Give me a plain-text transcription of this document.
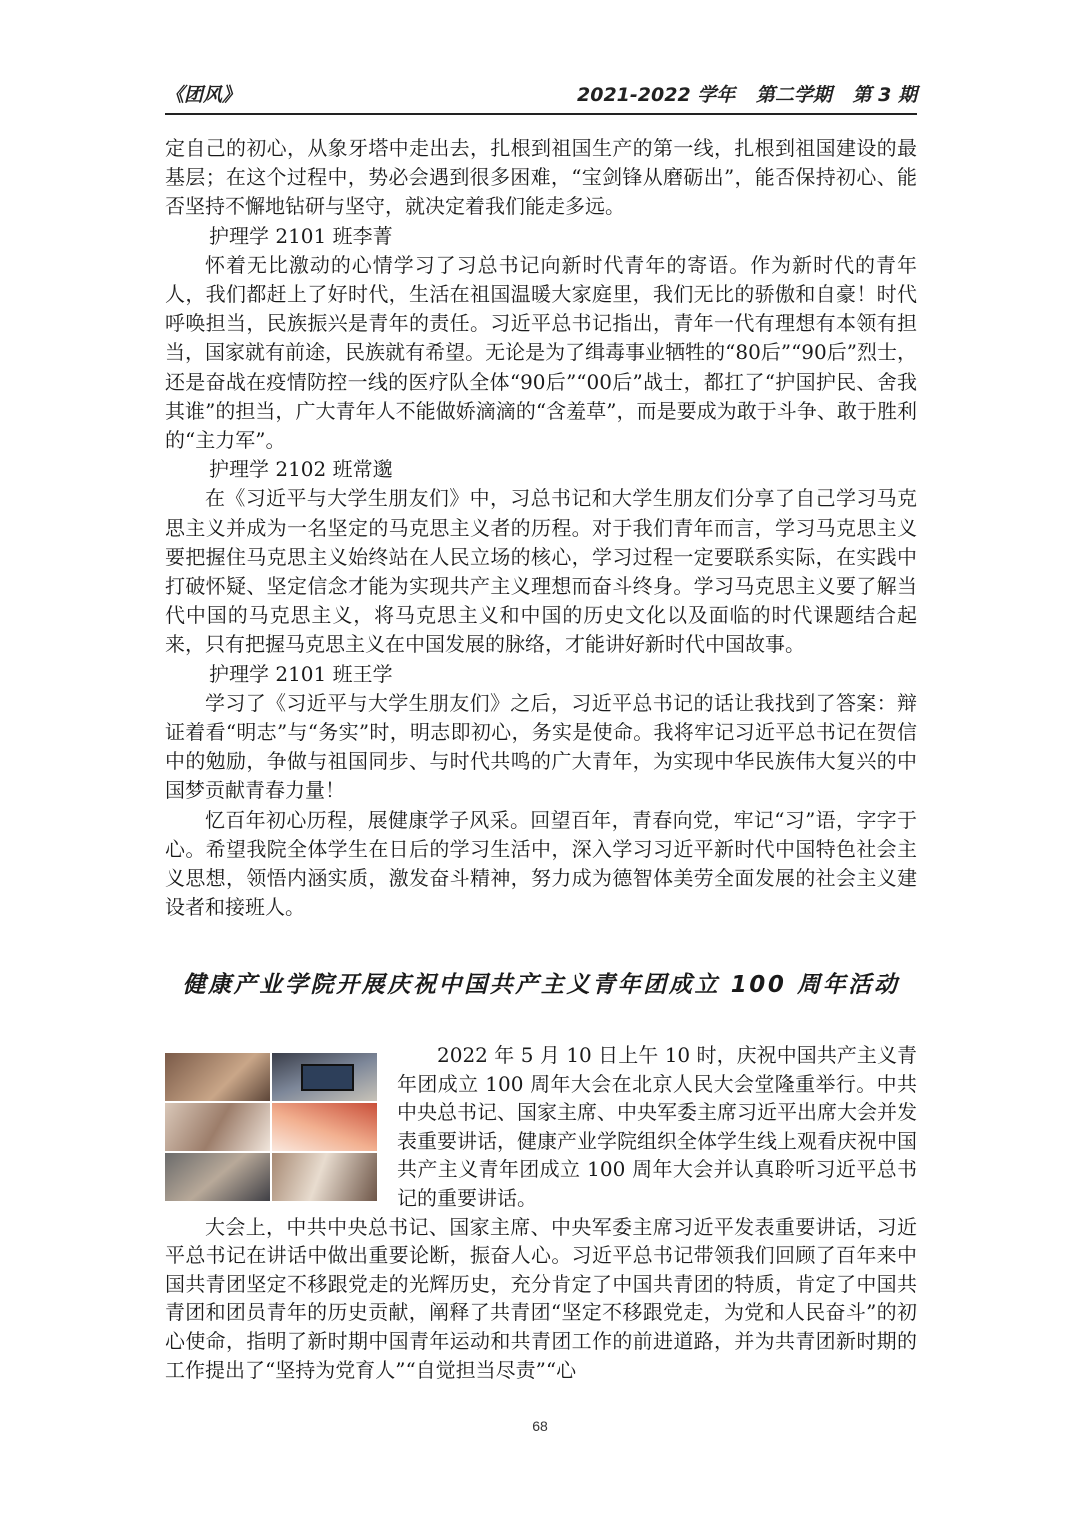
《团风》	2021-2022 学年 第二学期 第 3 期

定自己的初心，从象牙塔中走出去，扎根到祖国生产的第一线，扎根到祖国建设的最基层；在这个过程中，势必会遇到很多困难，“宝剑锋从磨砺出”，能否保持初心、能否坚持不懈地钻研与坚守，就决定着我们能走多远。

护理学 2101 班李菁

怀着无比激动的心情学习了习总书记向新时代青年的寄语。作为新时代的青年人，我们都赶上了好时代，生活在祖国温暖大家庭里，我们无比的骄傲和自豪！时代呼唤担当，民族振兴是青年的责任。习近平总书记指出，青年一代有理想有本领有担当，国家就有前途，民族就有希望。无论是为了缉毒事业牺牲的“80后”“90后”烈士，还是奋战在疫情防控一线的医疗队全体“90后”“00后”战士，都扛了“护国护民、舍我其谁”的担当，广大青年人不能做娇滴滴的“含羞草”，而是要成为敢于斗争、敢于胜利的“主力军”。

护理学 2102 班常邈

在《习近平与大学生朋友们》中，习总书记和大学生朋友们分享了自己学习马克思主义并成为一名坚定的马克思主义者的历程。对于我们青年而言，学习马克思主义要把握住马克思主义始终站在人民立场的核心，学习过程一定要联系实际，在实践中打破怀疑、坚定信念才能为实现共产主义理想而奋斗终身。学习马克思主义要了解当代中国的马克思主义，将马克思主义和中国的历史文化以及面临的时代课题结合起来，只有把握马克思主义在中国发展的脉络，才能讲好新时代中国故事。

护理学 2101 班王学

学习了《习近平与大学生朋友们》之后，习近平总书记的话让我找到了答案：辩证着看“明志”与“务实”时，明志即初心，务实是使命。我将牢记习近平总书记在贺信中的勉励，争做与祖国同步、与时代共鸣的广大青年，为实现中华民族伟大复兴的中国梦贡献青春力量！

忆百年初心历程，展健康学子风采。回望百年，青春向党，牢记“习”语，字字于心。希望我院全体学生在日后的学习生活中，深入学习习近平新时代中国特色社会主义思想，领悟内涵实质，激发奋斗精神，努力成为德智体美劳全面发展的社会主义建设者和接班人。

健康产业学院开展庆祝中国共产主义青年团成立 100 周年活动

2022 年 5 月 10 日上午 10 时，庆祝中国共产主义青年团成立 100 周年大会在北京人民大会堂隆重举行。中共中央总书记、国家主席、中央军委主席习近平出席大会并发表重要讲话，健康产业学院组织全体学生线上观看庆祝中国共产主义青年团成立 100 周年大会并认真聆听习近平总书记的重要讲话。

大会上，中共中央总书记、国家主席、中央军委主席习近平发表重要讲话，习近平总书记在讲话中做出重要论断，振奋人心。习近平总书记带领我们回顾了百年来中国共青团坚定不移跟党走的光辉历史，充分肯定了中国共青团的特质，肯定了中国共青团和团员青年的历史贡献，阐释了共青团“坚定不移跟党走，为党和人民奋斗”的初心使命，指明了新时期中国青年运动和共青团工作的前进道路，并为共青团新时期的工作提出了“坚持为党育人”“自觉担当尽责”“心

68
